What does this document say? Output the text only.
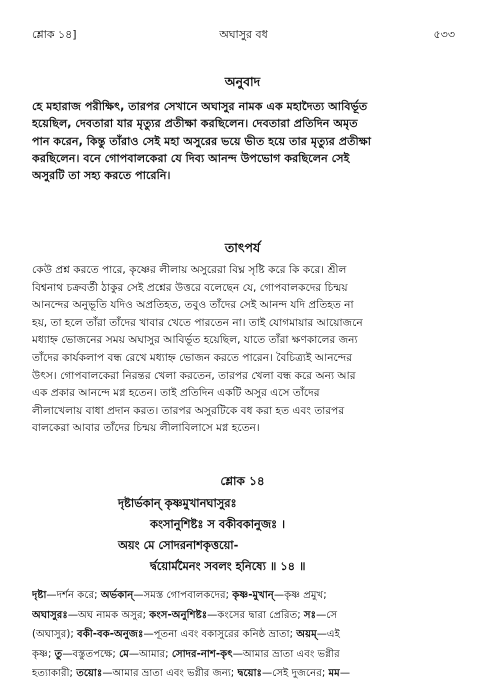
শ্লোক ১৪]	অঘাসুর বধ	৫৩৩
অনুবাদ
হে মহারাজ পরীক্ষিৎ, তারপর সেখানে অঘাসুর নামক এক মহাদৈত্য আবির্ভূত
হয়েছিল, দেবতারা যার মৃত্যুর প্রতীক্ষা করছিলেন। দেবতারা প্রতিদিন অমৃত
পান করেন, কিন্তু তাঁরাও সেই মহা অসুরের ভয়ে ভীত হয়ে তার মৃত্যুর প্রতীক্ষা
করছিলেন। বনে গোপবালকেরা যে দিব্য আনন্দ উপভোগ করছিলেন সেই
অসুরটি তা সহ্য করতে পারেনি।
তাৎপর্য
কেউ প্রশ্ন করতে পারে, কৃষ্ণের লীলায় অসুরেরা বিঘ্ন সৃষ্টি করে কি করে। শ্রীল
বিশ্বনাথ চক্রবর্তী ঠাকুর সেই প্রশ্নের উত্তরে বলেছেন যে, গোপবালকদের চিন্ময়
আনন্দের অনুভূতি যদিও অপ্রতিহত, তবুও তাঁদের সেই আনন্দ যদি প্রতিহত না
হয়, তা হলে তাঁরা তাঁদের খাবার খেতে পারতেন না। তাই যোগমায়ার আয়োজনে
মধ্যাহ্ন ভোজনের সময় অঘাসুর আবির্ভূত হয়েছিল, যাতে তাঁরা ক্ষণকালের জন্য
তাঁদের কার্যকলাপ বন্ধ রেখে মধ্যাহ্ন ভোজন করতে পারেন। বৈচিত্র্যই আনন্দের
উৎস। গোপবালকেরা নিরন্তর খেলা করতেন, তারপর খেলা বন্ধ করে অন্য আর
এক প্রকার আনন্দে মগ্ন হতেন। তাই প্রতিদিন একটি অসুর এসে তাঁদের
লীলাখেলায় বাধা প্রদান করত। তারপর অসুরটিকে বধ করা হত এবং তারপর
বালকেরা আবার তাঁদের চিন্ময় লীলাবিলাসে মগ্ন হতেন।
শ্লোক ১৪
দৃষ্টার্ভকান্ কৃষ্ণমুখানঘাসুরঃ
কংসানুশিষ্টঃ স বকীবকানুজঃ ।
অয়ং মে সোদরনাশকৃত্তয়ো-
র্দ্বয়োর্মমৈনং সবলং হনিষ্যে ॥ ১৪ ॥
দৃষ্টা—দর্শন করে; অর্ভকান্—সমস্ত গোপবালকদের; কৃষ্ণ-মুখান্—কৃষ্ণ প্রমুখ;
অঘাসুরঃ—অঘ নামক অসুর; কংস-অনুশিষ্টঃ—কংসের দ্বারা প্রেরিত; সঃ—সে
(অঘাসুর); বকী-বক-অনুজঃ—পূতনা এবং বকাসুরের কনিষ্ঠ ভ্রাতা; অয়ম্—এই
কৃষ্ণ; তু—বস্তুতপক্ষে; মে—আমার; সোদর-নাশ-কৃৎ—আমার ভ্রাতা এবং ভগ্নীর
হত্যাকারী; তয়োঃ—আমার ভ্রাতা এবং ভগ্নীর জন্য; দ্বয়োঃ—সেই দুজনের; মম—
